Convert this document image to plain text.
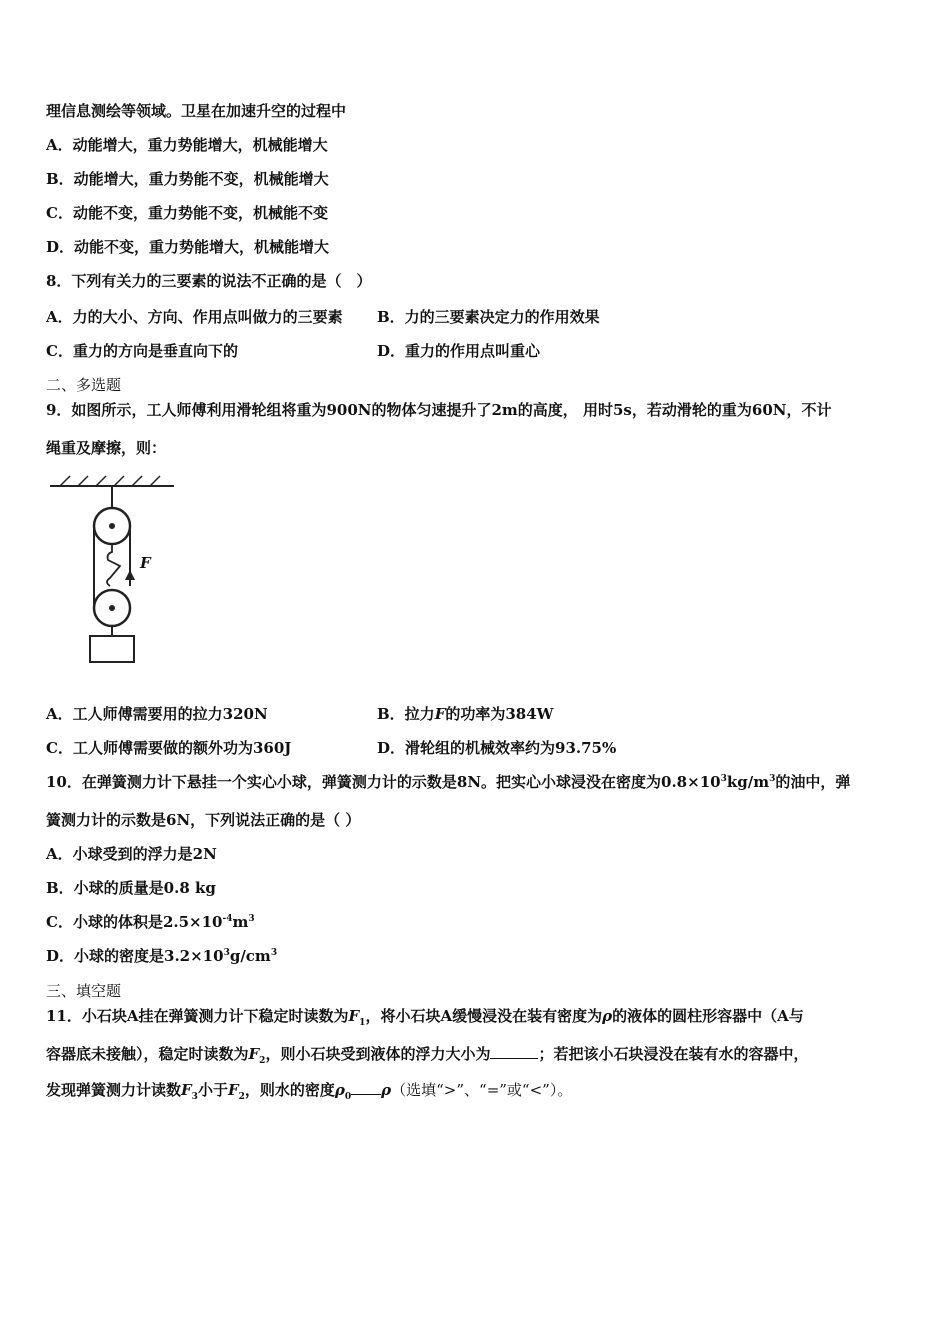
理信息测绘等领域。卫星在加速升空的过程中
A．动能增大，重力势能增大，机械能增大
B．动能增大，重力势能不变，机械能增大
C．动能不变，重力势能不变，机械能不变
D．动能不变，重力势能增大，机械能增大
8．下列有关力的三要素的说法不正确的是（　）
A．力的大小、方向、作用点叫做力的三要素 B．力的三要素决定力的作用效果
C．重力的方向是垂直向下的	D．重力的作用点叫重心
二、多选题
9．如图所示，工人师傅利用滑轮组将重为900N的物体匀速提升了2m的高度， 用时5s，若动滑轮的重为60N，不计
绳重及摩擦，则：
F
A．工人师傅需要用的拉力320N	B．拉力F的功率为384W
C．工人师傅需要做的额外功为360J	D．滑轮组的机械效率约为93.75%
10．在弹簧测力计下悬挂一个实心小球，弹簧测力计的示数是8N。把实心小球浸没在密度为$0.8\times 10^3kg/m^3$的油中，弹
簧测力计的示数是6N，下列说法正确的是（ ）
A．小球受到的浮力是2N
B．小球的质量是0.8 kg
C．小球的体积是$2.5\times 10^{-4}m^3$
D．小球的密度是$3.2\times 10^3g/cm^3$
三、填空题
11．小石块A挂在弹簧测力计下稳定时读数为$F_1$，将小石块A缓慢浸没在装有密度为ρ的液体的圆柱形容器中（A与
容器底未接触），稳定时读数为$F_2$，则小石块受到液体的浮力大小为	；若把该小石块浸没在装有水的容器中，
发现弹簧测力计读数$F_3$小于$F_2$，则水的密度$\rho_0$ ρ（选填“>”、“=”或“<”）。
